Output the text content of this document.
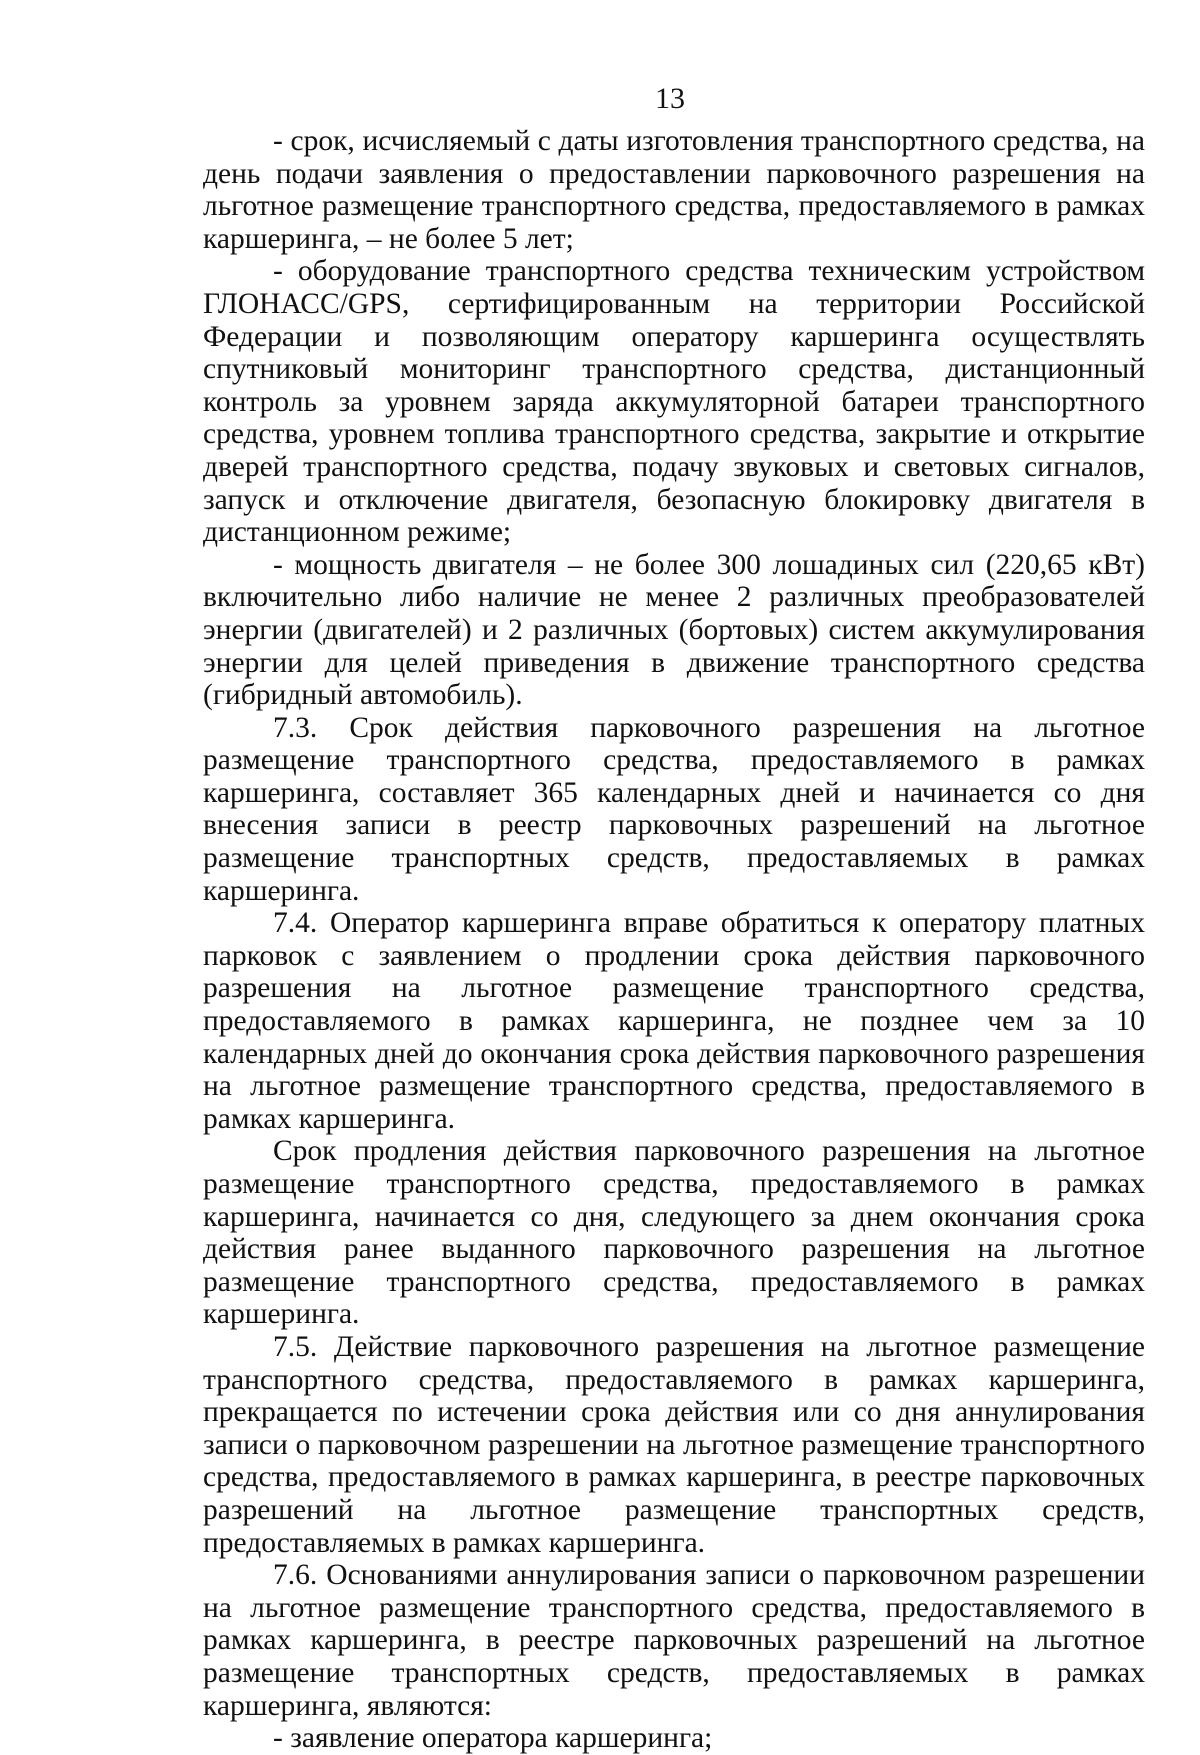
13

- срок, исчисляемый с даты изготовления транспортного средства, на день подачи заявления о предоставлении парковочного разрешения на льготное размещение транспортного средства, предоставляемого в рамках каршеринга, – не более 5 лет;

- оборудование транспортного средства техническим устройством ГЛОНАСС/GPS, сертифицированным на территории Российской Федерации и позволяющим оператору каршеринга осуществлять спутниковый мониторинг транспортного средства, дистанционный контроль за уровнем заряда аккумуляторной батареи транспортного средства, уровнем топлива транспортного средства, закрытие и открытие дверей транспортного средства, подачу звуковых и световых сигналов, запуск и отключение двигателя, безопасную блокировку двигателя в дистанционном режиме;

- мощность двигателя – не более 300 лошадиных сил (220,65 кВт) включительно либо наличие не менее 2 различных преобразователей энергии (двигателей) и 2 различных (бортовых) систем аккумулирования энергии для целей приведения в движение транспортного средства (гибридный автомобиль).

7.3. Срок действия парковочного разрешения на льготное размещение транспортного средства, предоставляемого в рамках каршеринга, составляет 365 календарных дней и начинается со дня внесения записи в реестр парковочных разрешений на льготное размещение транспортных средств, предоставляемых в рамках каршеринга.

7.4. Оператор каршеринга вправе обратиться к оператору платных парковок с заявлением о продлении срока действия парковочного разрешения на льготное размещение транспортного средства, предоставляемого в рамках каршеринга, не позднее чем за 10 календарных дней до окончания срока действия парковочного разрешения на льготное размещение транспортного средства, предоставляемого в рамках каршеринга.

Срок продления действия парковочного разрешения на льготное размещение транспортного средства, предоставляемого в рамках каршеринга, начинается со дня, следующего за днем окончания срока действия ранее выданного парковочного разрешения на льготное размещение транспортного средства, предоставляемого в рамках каршеринга.

7.5. Действие парковочного разрешения на льготное размещение транспортного средства, предоставляемого в рамках каршеринга, прекращается по истечении срока действия или со дня аннулирования записи о парковочном разрешении на льготное размещение транспортного средства, предоставляемого в рамках каршеринга, в реестре парковочных разрешений на льготное размещение транспортных средств, предоставляемых в рамках каршеринга.

7.6. Основаниями аннулирования записи о парковочном разрешении на льготное размещение транспортного средства, предоставляемого в рамках каршеринга, в реестре парковочных разрешений на льготное размещение транспортных средств, предоставляемых в рамках каршеринга, являются:

- заявление оператора каршеринга;
